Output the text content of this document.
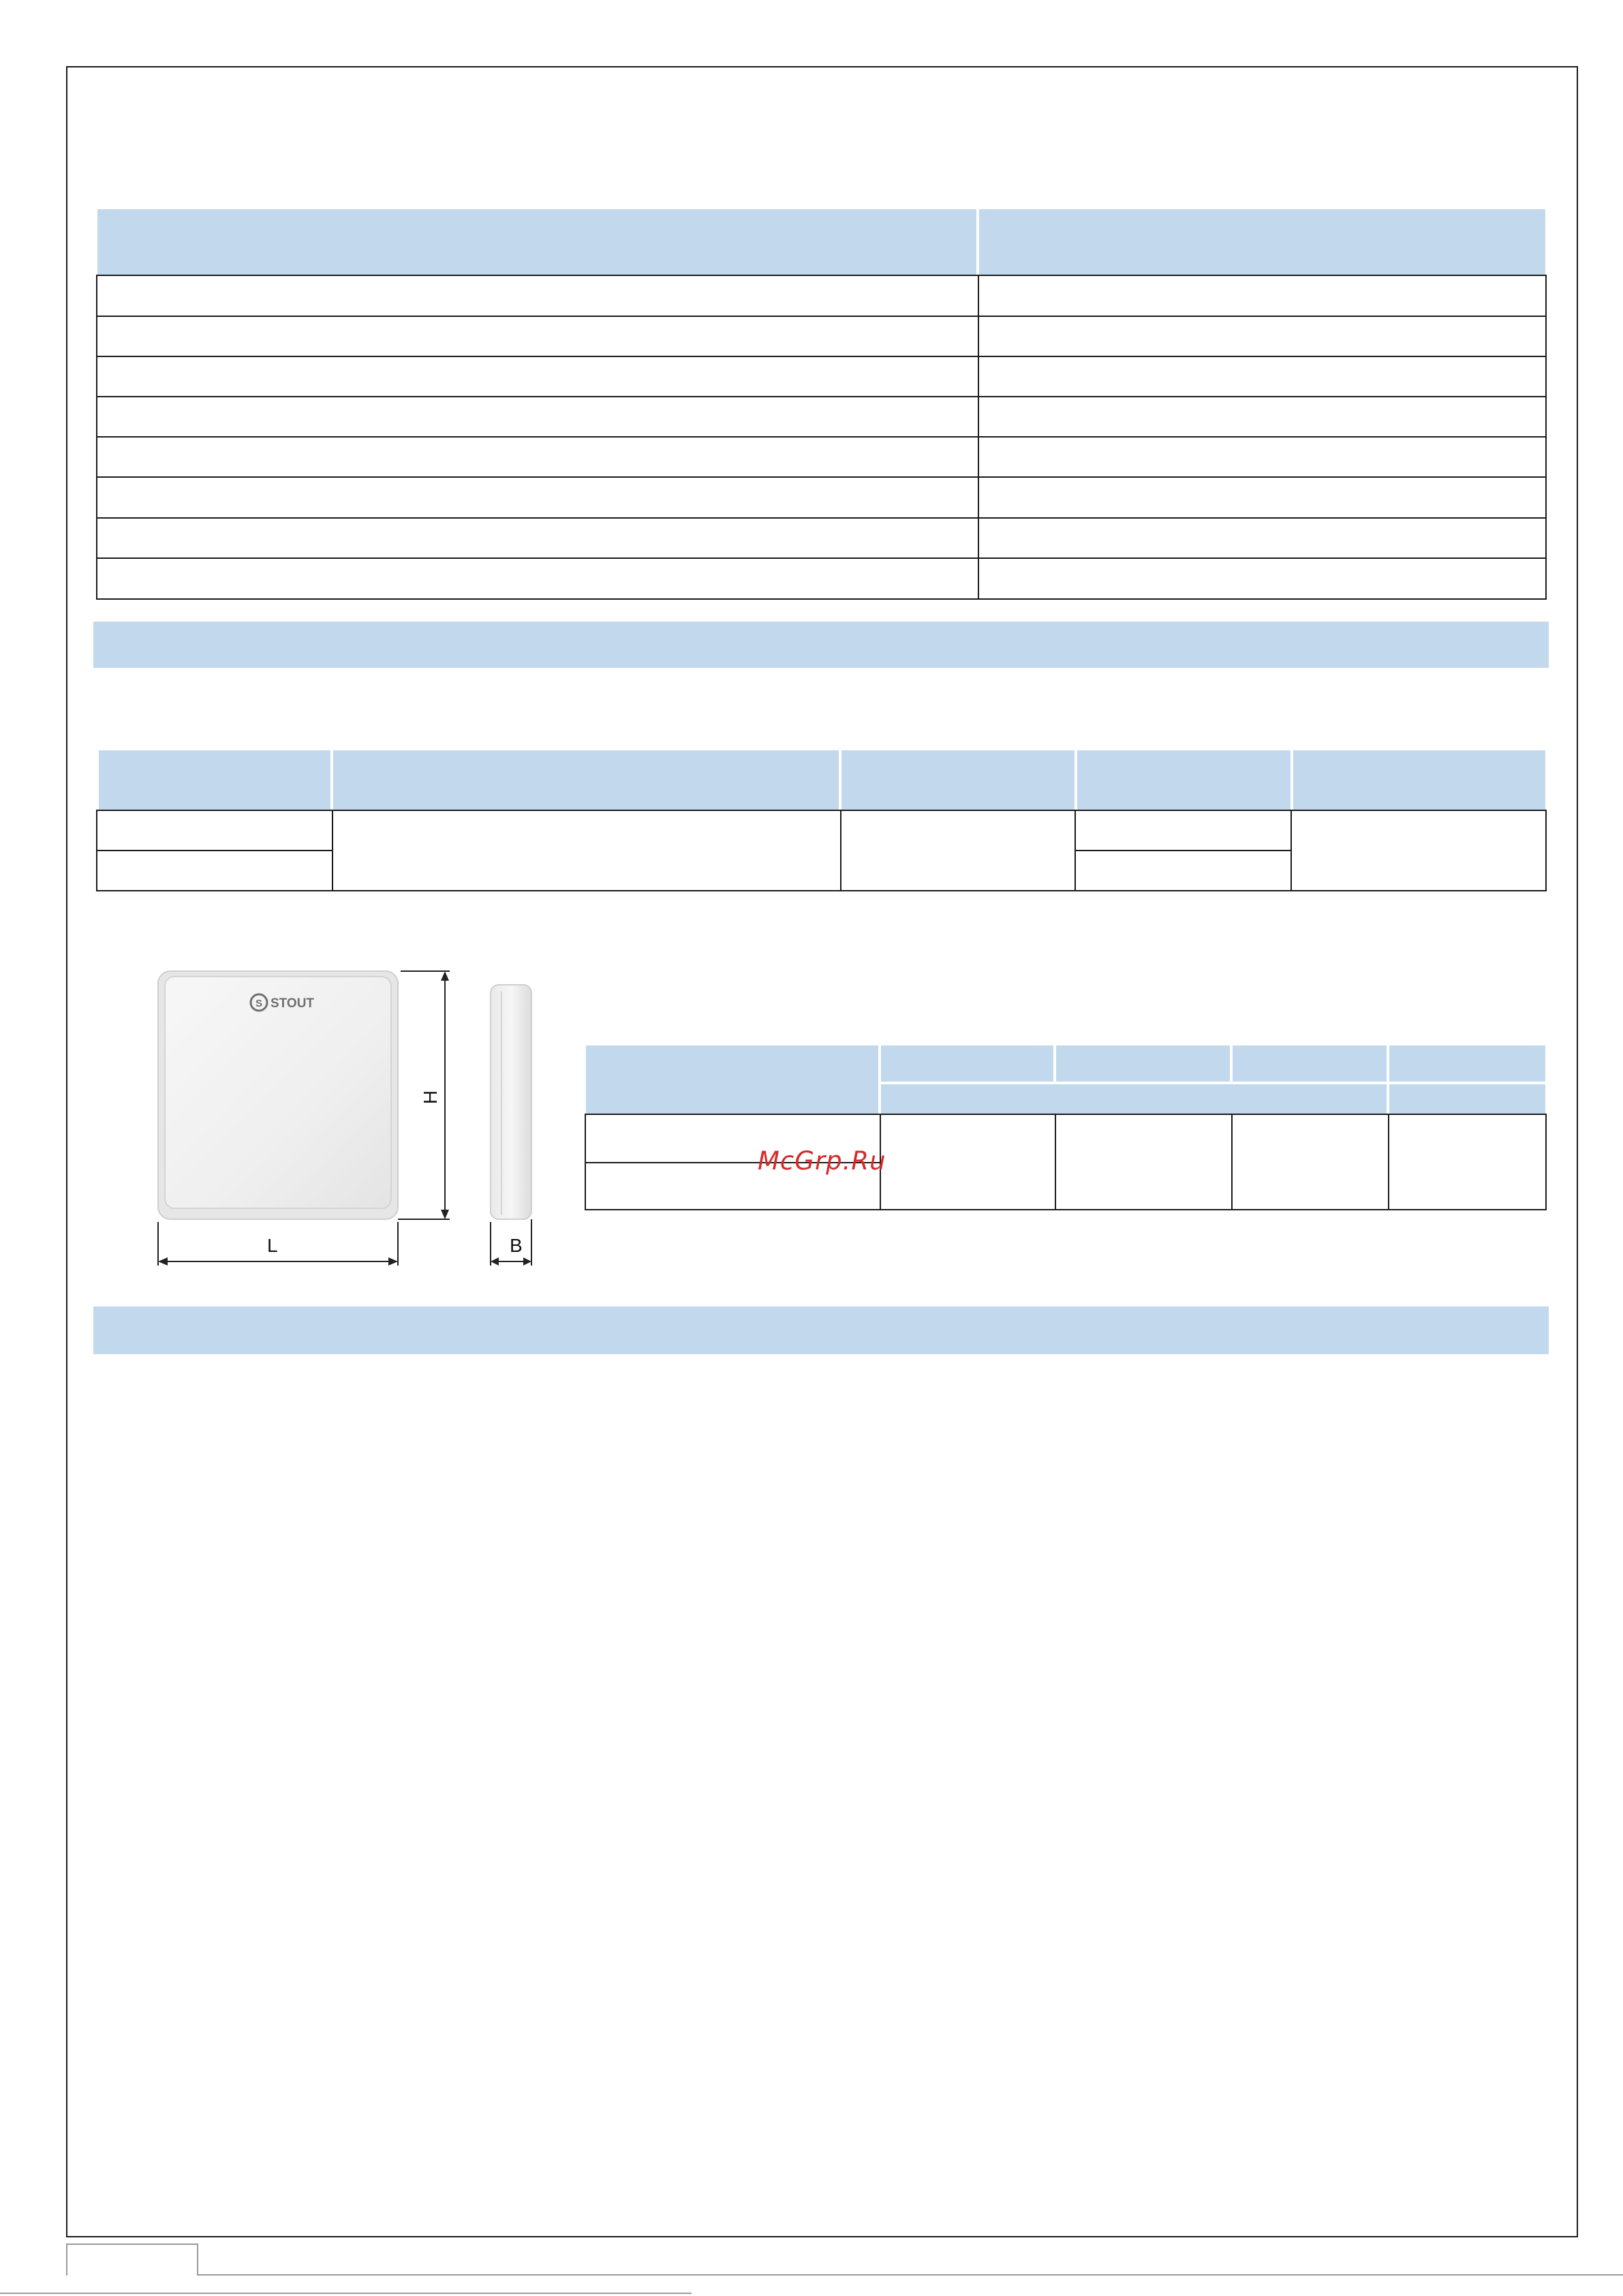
S STOUT
L
H
B
McGrp.Ru
